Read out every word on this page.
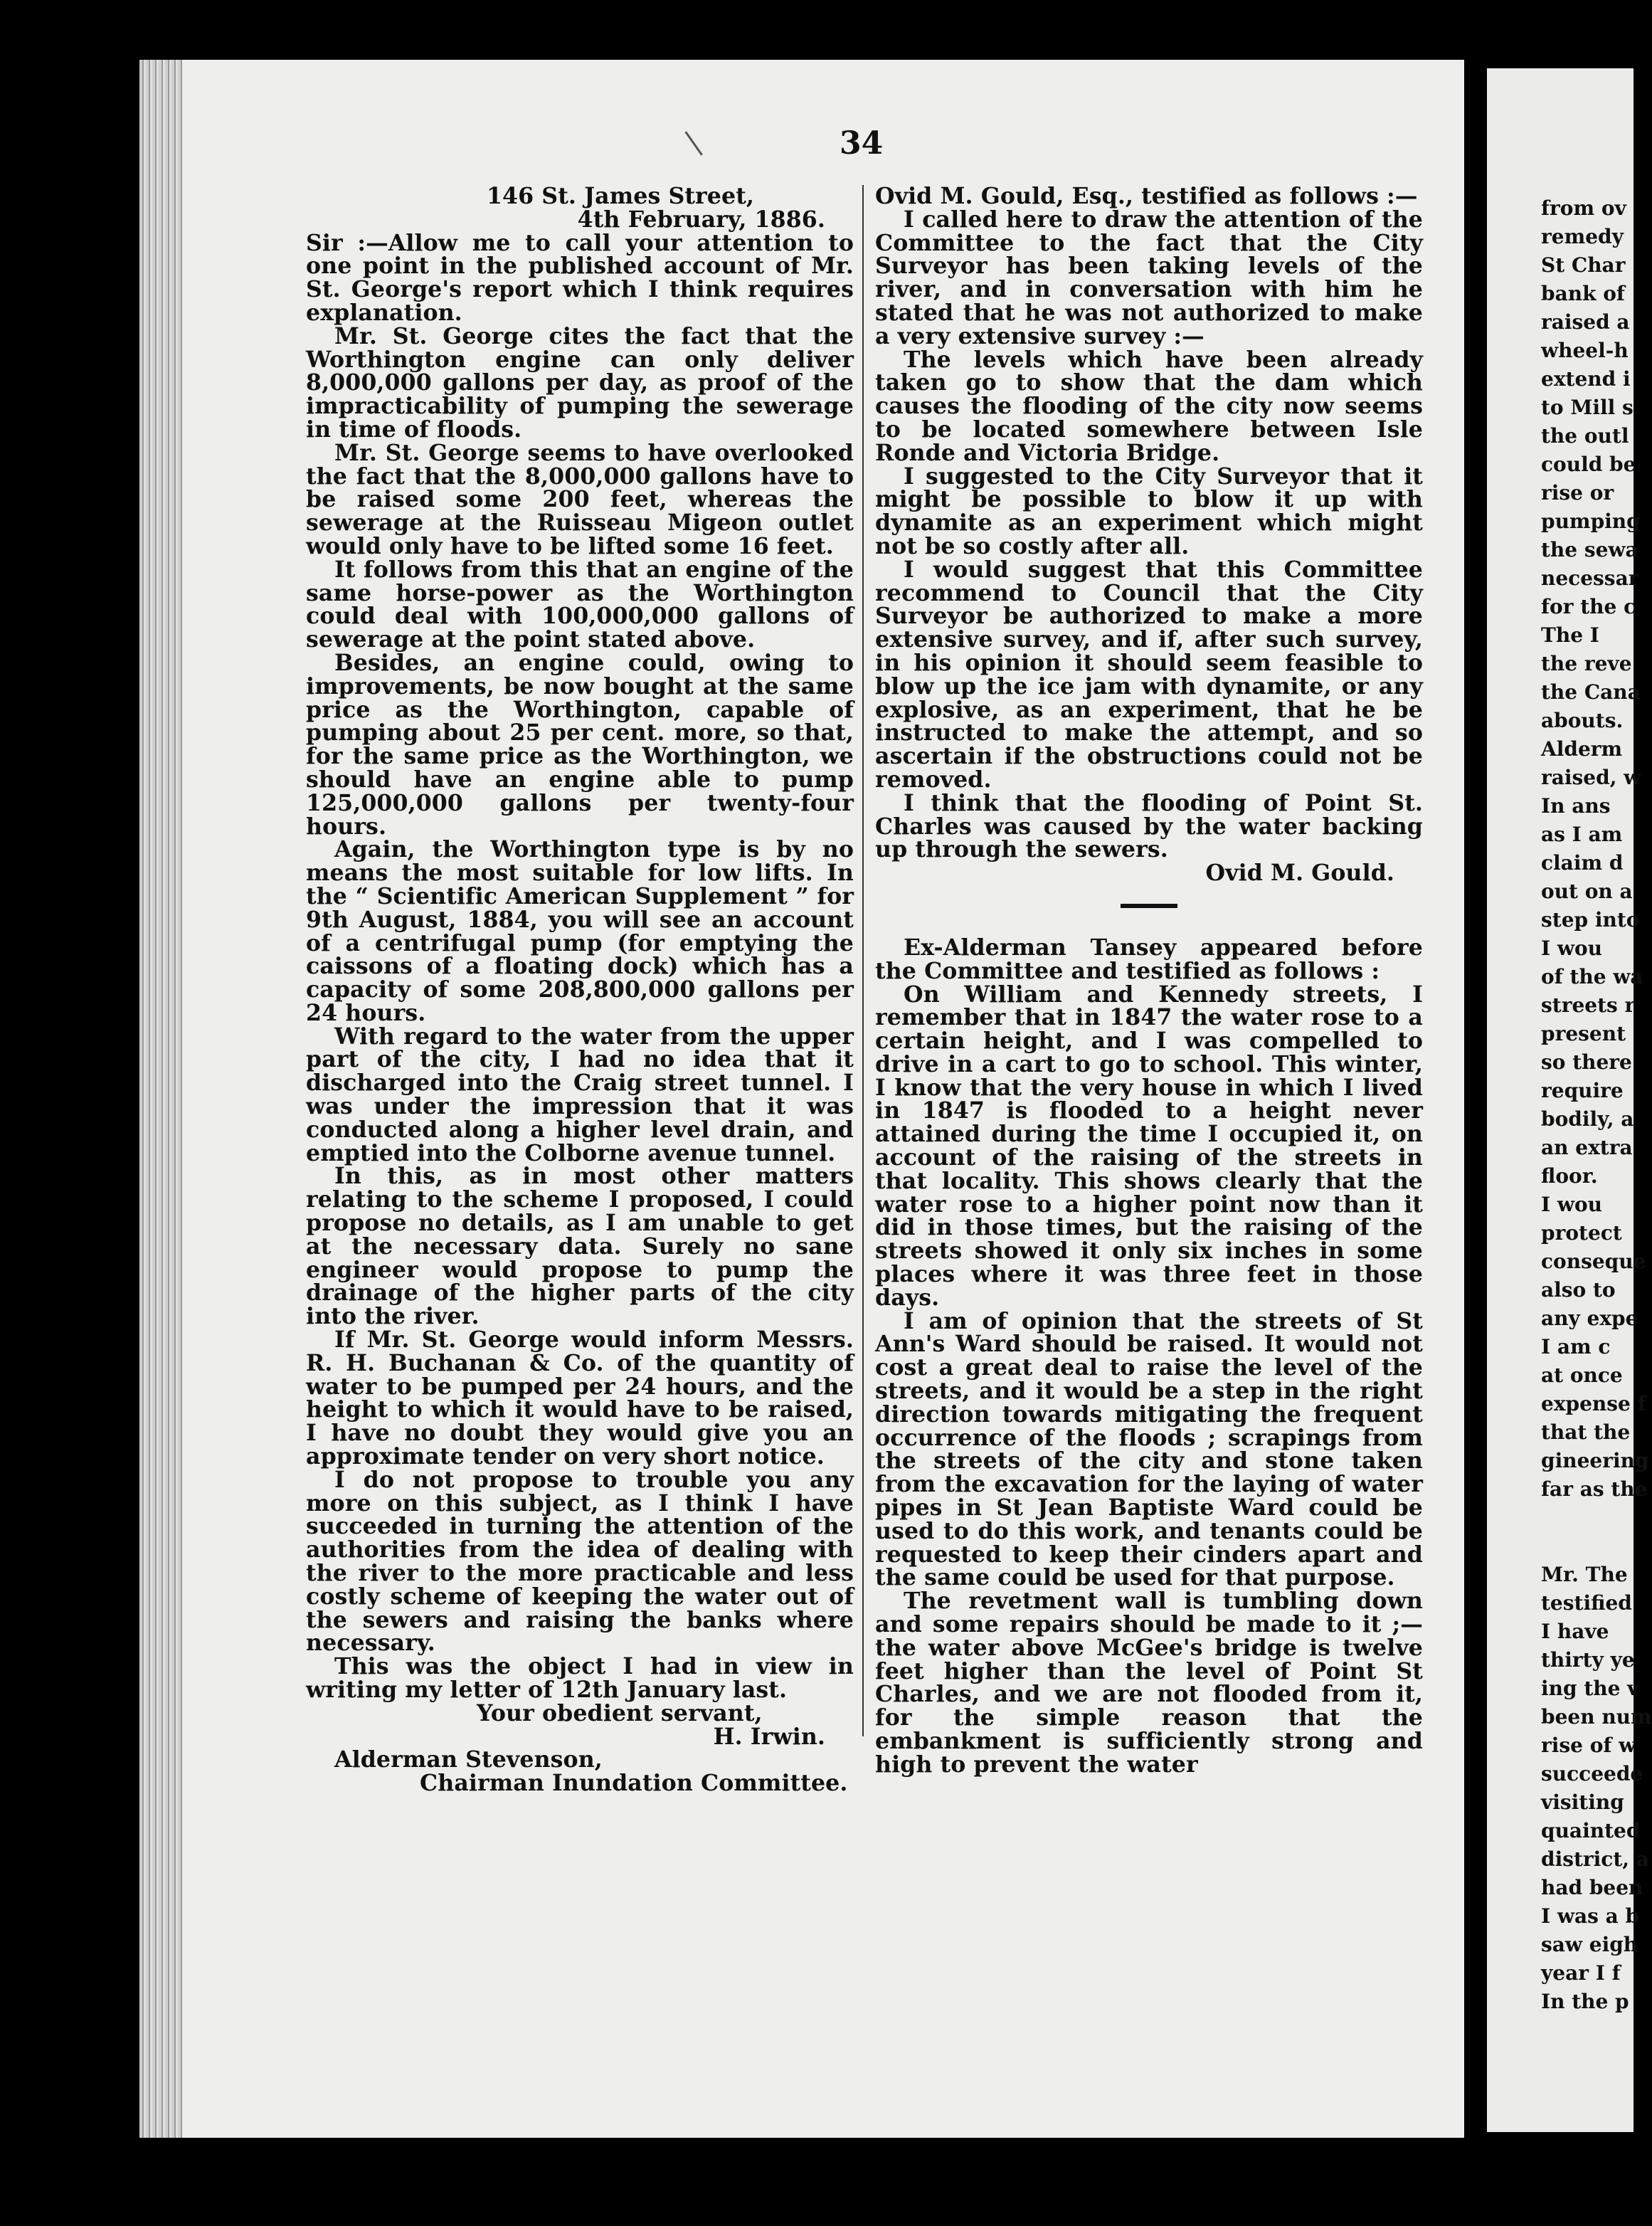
34

146 St. James Street,

4th February, 1886.

Sir :—Allow me to call your attention to one point in the published account of Mr. St. George's report which I think requires explanation.

Mr. St. George cites the fact that the Worthington engine can only deliver 8,000,000 gallons per day, as proof of the impracticability of pumping the sewerage in time of floods.

Mr. St. George seems to have overlooked the fact that the 8,000,000 gallons have to be raised some 200 feet, whereas the sewerage at the Ruisseau Migeon outlet would only have to be lifted some 16 feet.

It follows from this that an engine of the same horse-power as the Worthington could deal with 100,000,000 gallons of sewerage at the point stated above.

Besides, an engine could, owing to improvements, be now bought at the same price as the Worthington, capable of pumping about 25 per cent. more, so that, for the same price as the Worthington, we should have an engine able to pump 125,000,000 gallons per twenty-four hours.

Again, the Worthington type is by no means the most suitable for low lifts. In the “ Scientific American Supplement ” for 9th August, 1884, you will see an account of a centrifugal pump (for emptying the caissons of a floating dock) which has a capacity of some 208,800,000 gallons per 24 hours.

With regard to the water from the upper part of the city, I had no idea that it discharged into the Craig street tunnel. I was under the impression that it was conducted along a higher level drain, and emptied into the Colborne avenue tunnel.

In this, as in most other matters relating to the scheme I proposed, I could propose no details, as I am unable to get at the necessary data. Surely no sane engineer would propose to pump the drainage of the higher parts of the city into the river.

If Mr. St. George would inform Messrs. R. H. Buchanan & Co. of the quantity of water to be pumped per 24 hours, and the height to which it would have to be raised, I have no doubt they would give you an approximate tender on very short notice.

I do not propose to trouble you any more on this subject, as I think I have succeeded in turning the attention of the authorities from the idea of dealing with the river to the more practicable and less costly scheme of keeping the water out of the sewers and raising the banks where necessary.

This was the object I had in view in writing my letter of 12th January last.

Your obedient servant,

H. Irwin.

Alderman Stevenson,

Chairman Inundation Committee.

Ovid M. Gould, Esq., testified as follows :—

I called here to draw the attention of the Committee to the fact that the City Surveyor has been taking levels of the river, and in conversation with him he stated that he was not authorized to make a very extensive survey :—

The levels which have been already taken go to show that the dam which causes the flooding of the city now seems to be located somewhere between Isle Ronde and Victoria Bridge.

I suggested to the City Surveyor that it might be possible to blow it up with dynamite as an experiment which might not be so costly after all.

I would suggest that this Committee recommend to Council that the City Surveyor be authorized to make a more extensive survey, and if, after such survey, in his opinion it should seem feasible to blow up the ice jam with dynamite, or any explosive, as an experiment, that he be instructed to make the attempt, and so ascertain if the obstructions could not be removed.

I think that the flooding of Point St. Charles was caused by the water backing up through the sewers.

Ovid M. Gould.

Ex-Alderman Tansey appeared before the Committee and testified as follows :

On William and Kennedy streets, I remember that in 1847 the water rose to a certain height, and I was compelled to drive in a cart to go to school. This winter, I know that the very house in which I lived in 1847 is flooded to a height never attained during the time I occupied it, on account of the raising of the streets in that locality. This shows clearly that the water rose to a higher point now than it did in those times, but the raising of the streets showed it only six inches in some places where it was three feet in those days.

I am of opinion that the streets of St Ann's Ward should be raised. It would not cost a great deal to raise the level of the streets, and it would be a step in the right direction towards mitigating the frequent occurrence of the floods ; scrapings from the streets of the city and stone taken from the excavation for the laying of water pipes in St Jean Baptiste Ward could be used to do this work, and tenants could be requested to keep their cinders apart and the same could be used for that purpose.

The revetment wall is tumbling down and some repairs should be made to it ;—the water above McGee's bridge is twelve feet higher than the level of Point St Charles, and we are not flooded from it, for the simple reason that the embankment is sufficiently strong and high to prevent the water

from ov
remedy
St Char
bank of
raised a
wheel-h
extend i
to Mill s
the outl
could be
rise or
pumping
the sewa
necessar
for the c
The I
the reve
the Cana
abouts.
Alderm
raised, w
In ans
as I am
claim d
out on a
step into
I wou
of the wa
streets r
present
so there
require
bodily, a
an extra
floor.
I wou
protect
conseque
also to
any expe
I am c
at once
expense f
that the
gineering
far as the
Mr. The
testified
I have
thirty ye
ing the v
been num
rise of w
succeede
visiting
quainted
district, a
had been
I was a b
saw eigh
year I f
In the p
